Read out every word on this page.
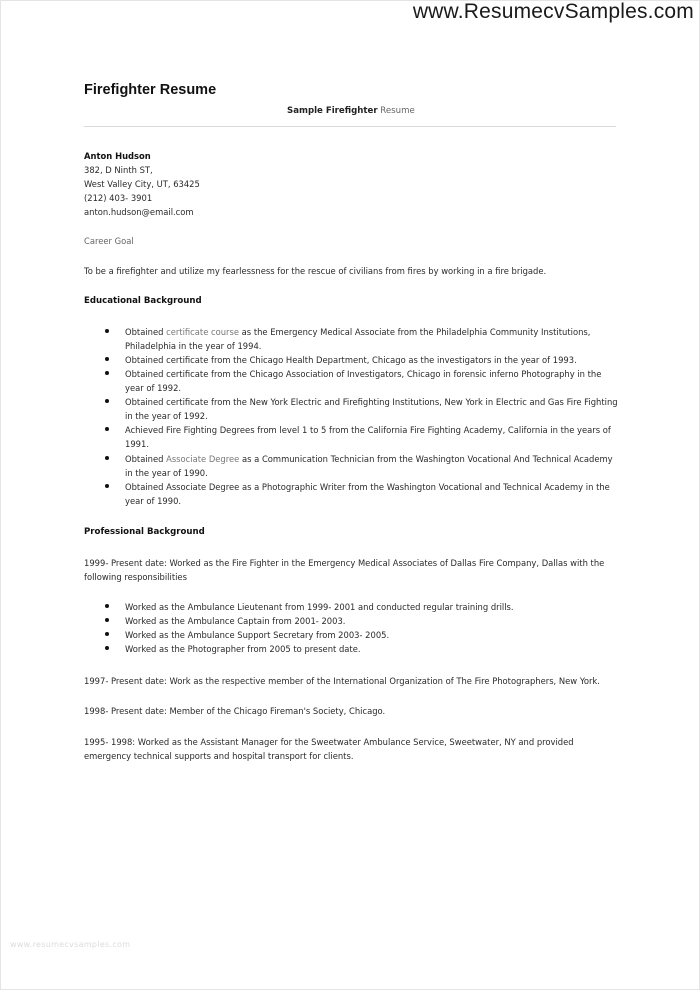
www.ResumecvSamples.com
Firefighter Resume
Sample Firefighter Resume
Anton Hudson
382, D Ninth ST,
West Valley City, UT, 63425
(212) 403- 3901
anton.hudson@email.com
Career Goal
To be a firefighter and utilize my fearlessness for the rescue of civilians from fires by working in a fire brigade.
Educational Background
Obtained certificate course as the Emergency Medical Associate from the Philadelphia Community Institutions, Philadelphia in the year of 1994.
Obtained certificate from the Chicago Health Department, Chicago as the investigators in the year of 1993.
Obtained certificate from the Chicago Association of Investigators, Chicago in forensic inferno Photography in the year of 1992.
Obtained certificate from the New York Electric and Firefighting Institutions, New York in Electric and Gas Fire Fighting in the year of 1992.
Achieved Fire Fighting Degrees from level 1 to 5 from the California Fire Fighting Academy, California in the years of 1991.
Obtained Associate Degree as a Communication Technician from the Washington Vocational And Technical Academy in the year of 1990.
Obtained Associate Degree as a Photographic Writer from the Washington Vocational and Technical Academy in the year of 1990.
Professional Background
1999- Present date: Worked as the Fire Fighter in the Emergency Medical Associates of Dallas Fire Company, Dallas with the following responsibilities
Worked as the Ambulance Lieutenant from 1999- 2001 and conducted regular training drills.
Worked as the Ambulance Captain from 2001- 2003.
Worked as the Ambulance Support Secretary from 2003- 2005.
Worked as the Photographer from 2005 to present date.
1997- Present date: Work as the respective member of the International Organization of The Fire Photographers, New York.
1998- Present date: Member of the Chicago Fireman's Society, Chicago.
1995- 1998: Worked as the Assistant Manager for the Sweetwater Ambulance Service, Sweetwater, NY and provided emergency technical supports and hospital transport for clients.
www.resumecvsamples.com
